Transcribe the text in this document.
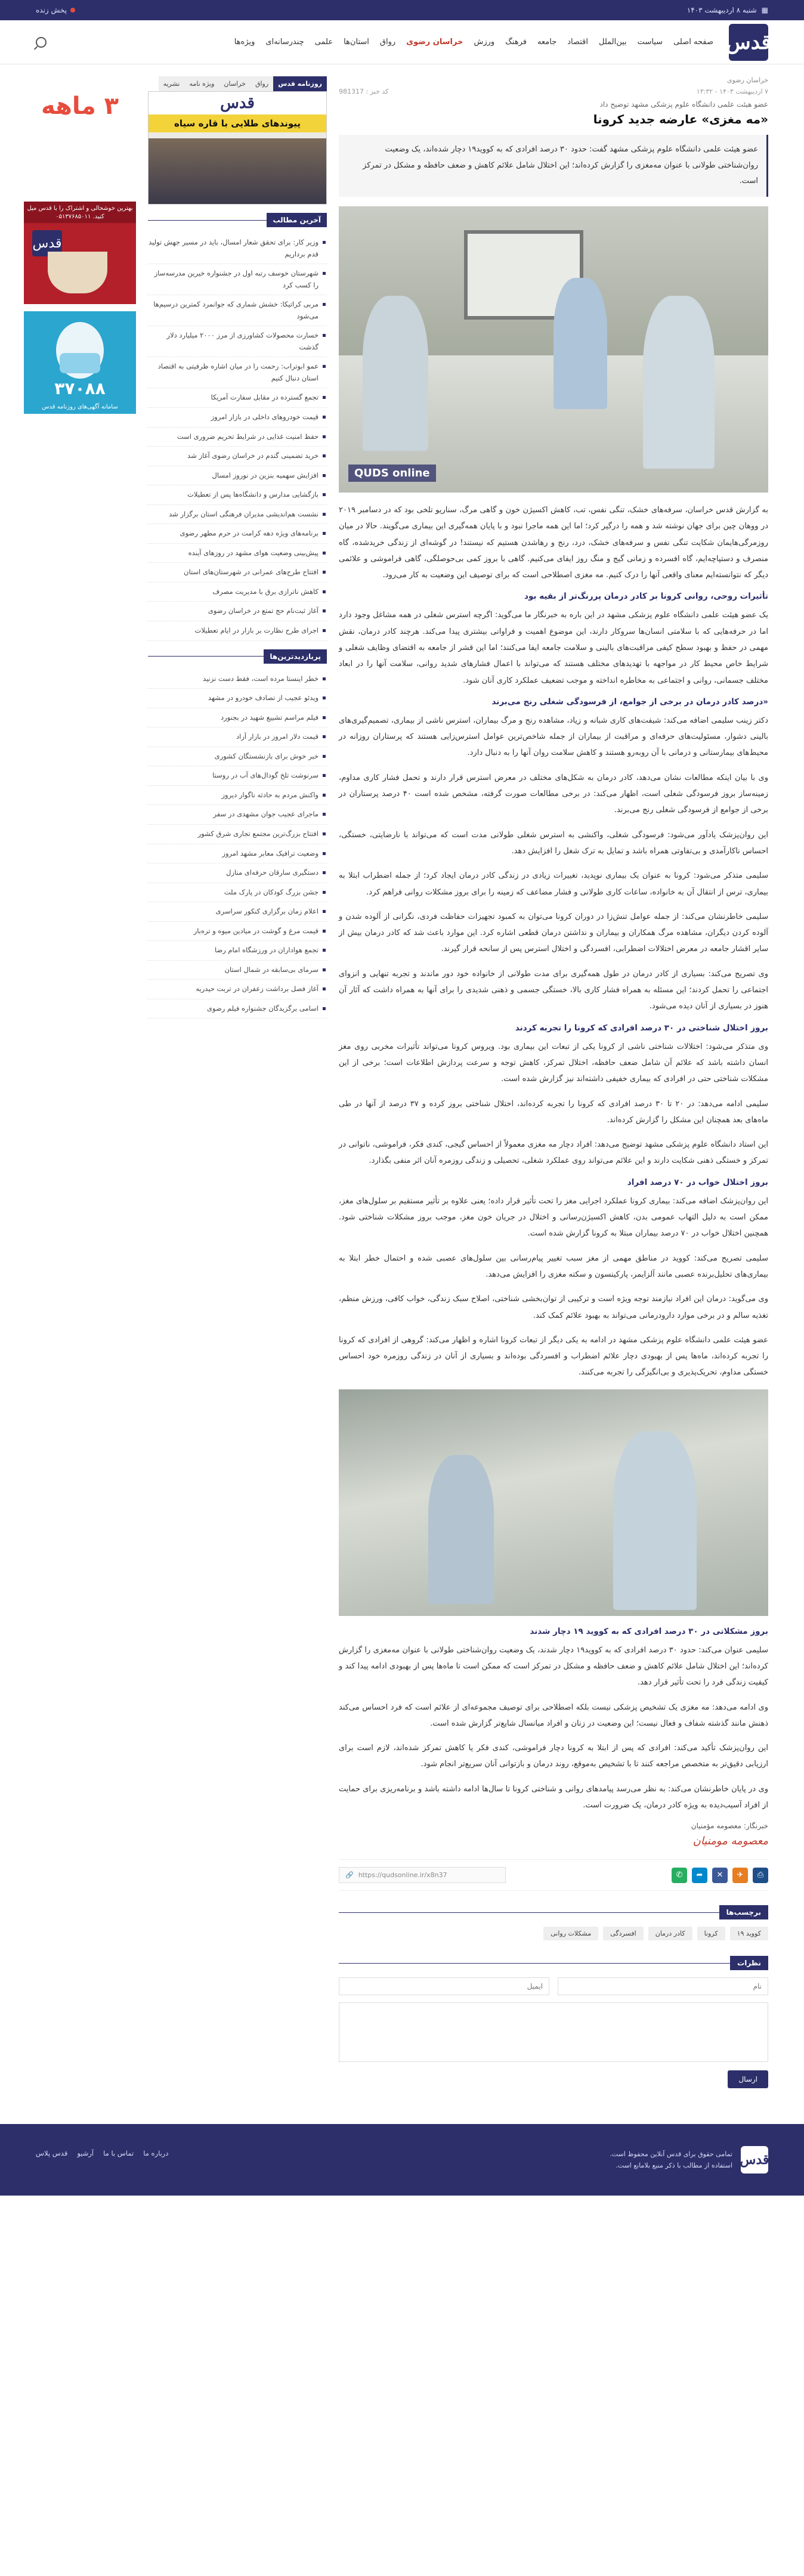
▦
شنبه ۸ اردیبهشت ۱۴۰۳
پخش زنده
قدس
صفحه اصلی
سیاست
بین‌الملل
اقتصاد
جامعه
فرهنگ
ورزش
خراسان رضوی
رواق
استان‌ها
علمی
چندرسانه‌ای
ویژه‌ها
خراسان رضوی
۷ اردیبهشت ۱۴۰۳ - ۱۳:۳۲
کد خبر : 981317
عضو هیئت علمی دانشگاه علوم پزشکی مشهد توضیح داد
«مه مغزی» عارضه جدید کرونا
عضو هیئت علمی دانشگاه علوم پزشکی مشهد گفت: حدود ۳۰ درصد افرادی که به کووید۱۹ دچار شده‌اند، یک وضعیت روان‌شناختی طولانی با عنوان مه‌مغزی را گزارش کرده‌اند؛ این اختلال شامل علائم کاهش و ضعف حافظه و مشکل در تمرکز است.
QUDS online

به گزارش قدس خراسان، سرفه‌های خشک، تنگی نفس، تب، کاهش اکسیژن خون و گاهی مرگ، سناریو تلخی بود که در دسامبر ۲۰۱۹ در ووهان چین برای جهان نوشته شد و همه را درگیر کرد؛ اما این همه ماجرا نبود و با پایان همه‌گیری این بیماری می‌گویند. حالا در میان روزمرگی‌هایمان شکایت تنگی نفس و سرفه‌های خشک، درد، رنج و رهاشدن هستیم که نیستند! در گوشه‌ای از زندگی خریدشده، گاه منصرف و دستپاچه‌ایم، گاه افسرده و زمانی گیج و منگ روز ایفای می‌کنیم. گاهی با بروز کمی بی‌حوصلگی، گاهی فراموشی و علائمی دیگر که نتوانسته‌ایم معنای واقعی آنها را درک کنیم. مه مغزی اصطلاحی است که برای توصیف این وضعیت به کار می‌رود.

تأثیرات روحی، روانی کرونا بر کادر درمان پررنگ‌تر از بقیه بود

یک عضو هیئت علمی دانشگاه علوم پزشکی مشهد در این باره به خبرنگار ما می‌گوید: اگرچه استرس شغلی در همه مشاغل وجود دارد اما در حرفه‌هایی که با سلامتی انسان‌ها سروکار دارند، این موضوع اهمیت و فراوانی بیشتری پیدا می‌کند. هرچند کادر درمان، نقش مهمی در حفظ و بهبود سطح کیفی مراقبت‌های بالینی و سلامت جامعه ایفا می‌کنند؛ اما این قشر از جامعه به اقتضای وظایف شغلی و شرایط خاص محیط کار در مواجهه با تهدیدهای مختلف هستند که می‌تواند با اعمال فشارهای شدید روانی، سلامت آنها را در ابعاد مختلف جسمانی، روانی و اجتماعی به مخاطره انداخته و موجب تضعیف عملکرد کاری آنان شود.

«درصد کادر درمان در برخی از جوامع، از فرسودگی شغلی رنج می‌برند

دکتر زینب سلیمی اضافه می‌کند: شیفت‌های کاری شبانه و زیاد، مشاهده رنج و مرگ بیماران، استرس ناشی از بیماری، تصمیم‌گیری‌های بالینی دشوار، مسئولیت‌های حرفه‌ای و مراقبت از بیماران از جمله شاخص‌ترین عوامل استرس‌زایی هستند که پرستاران روزانه در محیط‌های بیمارستانی و درمانی با آن روبه‌رو هستند و کاهش سلامت روان آنها را به دنبال دارد.

وی با بیان اینکه مطالعات نشان می‌دهد، کادر درمان به شکل‌های مختلف در معرض استرس قرار دارند و تحمل فشار کاری مداوم، زمینه‌ساز بروز فرسودگی شغلی است، اظهار می‌کند: در برخی مطالعات صورت گرفته، مشخص شده است ۴۰ درصد پرستاران در برخی از جوامع از فرسودگی شغلی رنج می‌برند.

این روان‌پزشک یادآور می‌شود: فرسودگی شغلی، واکنشی به استرس شغلی طولانی مدت است که می‌تواند با نارضایتی، خستگی، احساس ناکارآمدی و بی‌تفاوتی همراه باشد و تمایل به ترک شغل را افزایش دهد.

سلیمی متذکر می‌شود: کرونا به عنوان یک بیماری نوپدید، تغییرات زیادی در زندگی کادر درمان ایجاد کرد؛ از جمله اضطراب ابتلا به بیماری، ترس از انتقال آن به خانواده، ساعات کاری طولانی و فشار مضاعف که زمینه را برای بروز مشکلات روانی فراهم کرد.

سلیمی خاطرنشان می‌کند: از جمله عوامل تنش‌زا در دوران کرونا می‌توان به کمبود تجهیزات حفاظت فردی، نگرانی از آلوده شدن و آلوده کردن دیگران، مشاهده مرگ همکاران و بیماران و نداشتن درمان قطعی اشاره کرد. این موارد باعث شد که کادر درمان بیش از سایر اقشار جامعه در معرض اختلالات اضطرابی، افسردگی و اختلال استرس پس از سانحه قرار گیرند.

وی تصریح می‌کند: بسیاری از کادر درمان در طول همه‌گیری برای مدت طولانی از خانواده خود دور ماندند و تجربه تنهایی و انزوای اجتماعی را تحمل کردند؛ این مسئله به همراه فشار کاری بالا، خستگی جسمی و ذهنی شدیدی را برای آنها به همراه داشت که آثار آن هنوز در بسیاری از آنان دیده می‌شود.

بروز اختلال شناختی در ۳۰ درصد افرادی که کرونا را تجربه کردند

وی متذکر می‌شود: اختلالات شناختی ناشی از کرونا یکی از تبعات این بیماری بود. ویروس کرونا می‌تواند تأثیرات مخربی روی مغز انسان داشته باشد که علائم آن شامل ضعف حافظه، اختلال تمرکز، کاهش توجه و سرعت پردازش اطلاعات است؛ برخی از این مشکلات شناختی حتی در افرادی که بیماری خفیفی داشته‌اند نیز گزارش شده است.

سلیمی ادامه می‌دهد: در ۲۰ تا ۳۰ درصد افرادی که کرونا را تجربه کرده‌اند، اختلال شناختی بروز کرده و ۳۷ درصد از آنها در طی ماه‌های بعد همچنان این مشکل را گزارش کرده‌اند.

این استاد دانشگاه علوم پزشکی مشهد توضیح می‌دهد: افراد دچار مه مغزی معمولاً از احساس گیجی، کندی فکر، فراموشی، ناتوانی در تمرکز و خستگی ذهنی شکایت دارند و این علائم می‌تواند روی عملکرد شغلی، تحصیلی و زندگی روزمره آنان اثر منفی بگذارد.

بروز اختلال خواب در ۷۰ درصد افراد

این روان‌پزشک اضافه می‌کند: بیماری کرونا عملکرد اجرایی مغز را تحت تأثیر قرار داده؛ یعنی علاوه بر تأثیر مستقیم بر سلول‌های مغز، ممکن است به دلیل التهاب عمومی بدن، کاهش اکسیژن‌رسانی و اختلال در جریان خون مغز، موجب بروز مشکلات شناختی شود. همچنین اختلال خواب در ۷۰ درصد بیماران مبتلا به کرونا گزارش شده است.

سلیمی تصریح می‌کند: کووید در مناطق مهمی از مغز سبب تغییر پیام‌رسانی بین سلول‌های عصبی شده و احتمال خطر ابتلا به بیماری‌های تحلیل‌برنده عصبی مانند آلزایمر، پارکینسون و سکته مغزی را افزایش می‌دهد.

وی می‌گوید: درمان این افراد نیازمند توجه ویژه است و ترکیبی از توان‌بخشی شناختی، اصلاح سبک زندگی، خواب کافی، ورزش منظم، تغذیه سالم و در برخی موارد دارودرمانی می‌تواند به بهبود علائم کمک کند.

عضو هیئت علمی دانشگاه علوم پزشکی مشهد در ادامه به یکی دیگر از تبعات کرونا اشاره و اظهار می‌کند: گروهی از افرادی که کرونا را تجربه کرده‌اند، ماه‌ها پس از بهبودی دچار علائم اضطراب و افسردگی بوده‌اند و بسیاری از آنان در زندگی روزمره خود احساس خستگی مداوم، تحریک‌پذیری و بی‌انگیزگی را تجربه می‌کنند.

بروز مشکلاتی در ۳۰ درصد افرادی که به کووید ۱۹ دچار شدند

سلیمی عنوان می‌کند: حدود ۳۰ درصد افرادی که به کووید۱۹ دچار شدند، یک وضعیت روان‌شناختی طولانی با عنوان مه‌مغزی را گزارش کرده‌اند؛ این اختلال شامل علائم کاهش و ضعف حافظه و مشکل در تمرکز است که ممکن است تا ماه‌ها پس از بهبودی ادامه پیدا کند و کیفیت زندگی فرد را تحت تأثیر قرار دهد.

وی ادامه می‌دهد: مه مغزی یک تشخیص پزشکی نیست بلکه اصطلاحی برای توصیف مجموعه‌ای از علائم است که فرد احساس می‌کند ذهنش مانند گذشته شفاف و فعال نیست؛ این وضعیت در زنان و افراد میانسال شایع‌تر گزارش شده است.

این روان‌پزشک تأکید می‌کند: افرادی که پس از ابتلا به کرونا دچار فراموشی، کندی فکر یا کاهش تمرکز شده‌اند، لازم است برای ارزیابی دقیق‌تر به متخصص مراجعه کنند تا با تشخیص به‌موقع، روند درمان و بازتوانی آنان سریع‌تر انجام شود.

وی در پایان خاطرنشان می‌کند: به نظر می‌رسد پیامدهای روانی و شناختی کرونا تا سال‌ها ادامه داشته باشد و برنامه‌ریزی برای حمایت از افراد آسیب‌دیده به ویژه کادر درمان، یک ضرورت است.

خبرنگار: معصومه مؤمنیان
معصومه مومنیان
⎙
✈
✕
➦
✆
🔗 https://qudsonline.ir/x8n37
برچسب‌ها
کووید ۱۹
کرونا
کادر درمان
افسردگی
مشکلات روانی
نظرات
نام
ایمیل
ارسال
روزنامه قدس
رواق
خراسان
ویژه نامه
نشریه
قدس
پیوندهای طلایی با قاره سیاه
آخرین مطالب
وزیر کار: برای تحقق شعار امسال، باید در مسیر جهش تولید قدم برداریم
شهرستان خوسف رتبه اول در جشنواره خیرین مدرسه‌ساز را کسب کرد
مربی کراتیکا: خشش شماری که جوانمرد کمترین درسیم‌ها می‌شود
خسارت محصولات کشاورزی از مرز ۲۰۰۰ میلیارد دلار گذشت
عمو ابوتراب: رحمت را در میان اشاره ظرفیتی به اقتصاد استان دنبال کنیم
تجمع گسترده در مقابل سفارت آمریکا
قیمت خودروهای داخلی در بازار امروز
حفظ امنیت غذایی در شرایط تحریم ضروری است
خرید تضمینی گندم در خراسان رضوی آغاز شد
افزایش سهمیه بنزین در نوروز امسال
بازگشایی مدارس و دانشگاه‌ها پس از تعطیلات
نشست هم‌اندیشی مدیران فرهنگی استان برگزار شد
برنامه‌های ویژه دهه کرامت در حرم مطهر رضوی
پیش‌بینی وضعیت هوای مشهد در روزهای آینده
افتتاح طرح‌های عمرانی در شهرستان‌های استان
کاهش ناترازی برق با مدیریت مصرف
آغاز ثبت‌نام حج تمتع در خراسان رضوی
اجرای طرح نظارت بر بازار در ایام تعطیلات
پربازدیدترین‌ها
خطر اینستا مرده است، فقط دست نزنید
ویدئو عجیب از تصادف خودرو در مشهد
فیلم مراسم تشییع شهید در بجنورد
قیمت دلار امروز در بازار آزاد
خبر خوش برای بازنشستگان کشوری
سرنوشت تلخ گودال‌های آب در روستا
واکنش مردم به حادثه ناگوار دیروز
ماجرای عجیب جوان مشهدی در سفر
افتتاح بزرگ‌ترین مجتمع تجاری شرق کشور
وضعیت ترافیک معابر مشهد امروز
دستگیری سارقان حرفه‌ای منازل
جشن بزرگ کودکان در پارک ملت
اعلام زمان برگزاری کنکور سراسری
قیمت مرغ و گوشت در میادین میوه و تره‌بار
تجمع هواداران در ورزشگاه امام رضا
سرمای بی‌سابقه در شمال استان
آغاز فصل برداشت زعفران در تربت حیدریه
اسامی برگزیدگان جشنواره فیلم رضوی
۳ ماهه
بهترین خوشحالی و اشتراک را با قدس میل کنید. ۰۵۱۳۷۶۸۵۰۱۱
قدس
۳۷۰۸۸
سامانه آگهی‌های روزنامه قدس
قدس
تمامی حقوق برای قدس آنلاین محفوظ است.
استفاده از مطالب با ذکر منبع بلامانع است.
درباره ما
تماس با ما
آرشیو
قدس پلاس
